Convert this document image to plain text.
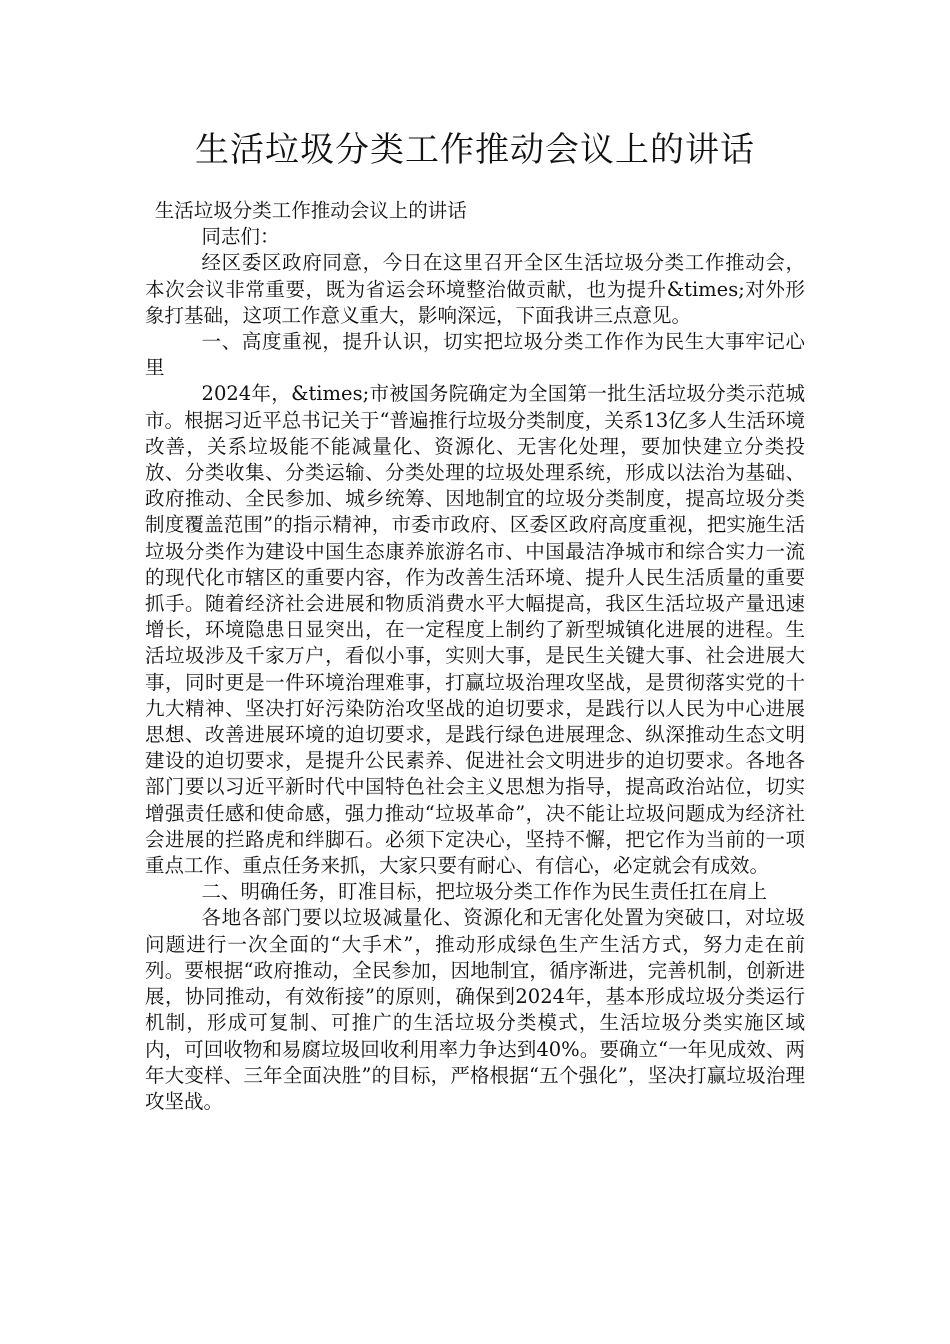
生活垃圾分类工作推动会议上的讲话

生活垃圾分类工作推动会议上的讲话

同志们：

经区委区政府同意，今日在这里召开全区生活垃圾分类工作推动会，本次会议非常重要，既为省运会环境整治做贡献，也为提升&times;对外形象打基础，这项工作意义重大，影响深远，下面我讲三点意见。

一、高度重视，提升认识，切实把垃圾分类工作作为民生大事牢记心里

2024年，&times;市被国务院确定为全国第一批生活垃圾分类示范城市。根据习近平总书记关于“普遍推行垃圾分类制度，关系13亿多人生活环境改善，关系垃圾能不能减量化、资源化、无害化处理，要加快建立分类投放、分类收集、分类运输、分类处理的垃圾处理系统，形成以法治为基础、政府推动、全民参加、城乡统筹、因地制宜的垃圾分类制度，提高垃圾分类制度覆盖范围”的指示精神，市委市政府、区委区政府高度重视，把实施生活垃圾分类作为建设中国生态康养旅游名市、中国最洁净城市和综合实力一流的现代化市辖区的重要内容，作为改善生活环境、提升人民生活质量的重要抓手。随着经济社会进展和物质消费水平大幅提高，我区生活垃圾产量迅速增长，环境隐患日显突出，在一定程度上制约了新型城镇化进展的进程。生活垃圾涉及千家万户，看似小事，实则大事，是民生关键大事、社会进展大事，同时更是一件环境治理难事，打赢垃圾治理攻坚战，是贯彻落实党的十九大精神、坚决打好污染防治攻坚战的迫切要求，是践行以人民为中心进展思想、改善进展环境的迫切要求，是践行绿色进展理念、纵深推动生态文明建设的迫切要求，是提升公民素养、促进社会文明进步的迫切要求。各地各部门要以习近平新时代中国特色社会主义思想为指导，提高政治站位，切实增强责任感和使命感，强力推动“垃圾革命”，决不能让垃圾问题成为经济社会进展的拦路虎和绊脚石。必须下定决心，坚持不懈，把它作为当前的一项重点工作、重点任务来抓，大家只要有耐心、有信心，必定就会有成效。

二、明确任务，盯准目标，把垃圾分类工作作为民生责任扛在肩上

各地各部门要以垃圾减量化、资源化和无害化处置为突破口，对垃圾问题进行一次全面的“大手术”，推动形成绿色生产生活方式，努力走在前列。要根据“政府推动，全民参加，因地制宜，循序渐进，完善机制，创新进展，协同推动，有效衔接”的原则，确保到2024年，基本形成垃圾分类运行机制，形成可复制、可推广的生活垃圾分类模式，生活垃圾分类实施区域内，可回收物和易腐垃圾回收利用率力争达到40%。要确立“一年见成效、两年大变样、三年全面决胜”的目标，严格根据“五个强化”，坚决打赢垃圾治理攻坚战。
